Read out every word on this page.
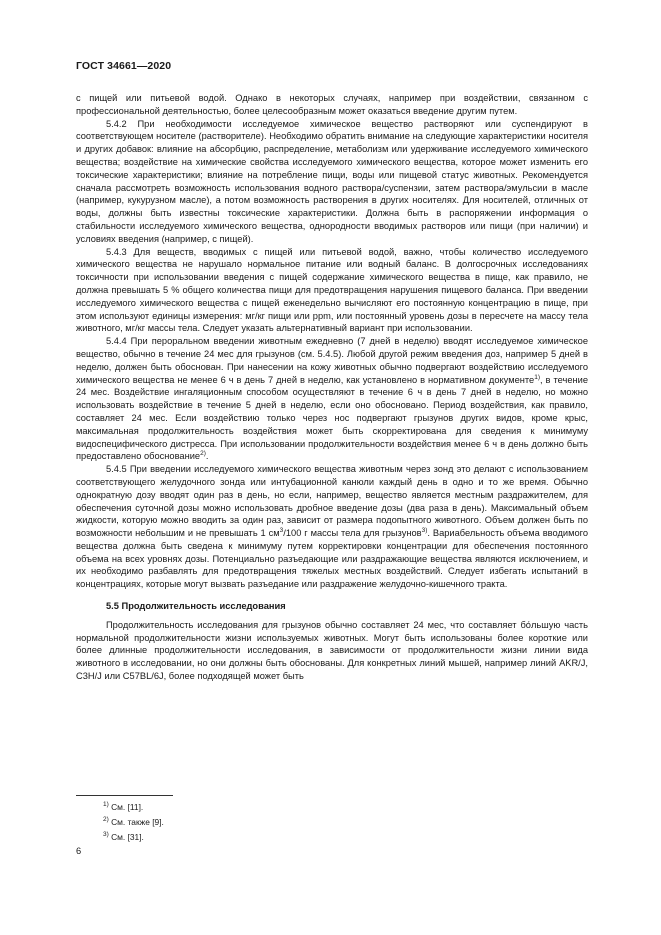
ГОСТ 34661—2020

с пищей или питьевой водой. Однако в некоторых случаях, например при воздействии, связанном с профессиональной деятельностью, более целесообразным может оказаться введение другим путем.

5.4.2 При необходимости исследуемое химическое вещество растворяют или суспендируют в соответствующем носителе (растворителе). Необходимо обратить внимание на следующие характеристики носителя и других добавок: влияние на абсорбцию, распределение, метаболизм или удерживание исследуемого химического вещества; воздействие на химические свойства исследуемого химического вещества, которое может изменить его токсические характеристики; влияние на потребление пищи, воды или пищевой статус животных. Рекомендуется сначала рассмотреть возможность использования водного раствора/суспензии, затем раствора/эмульсии в масле (например, кукурузном масле), а потом возможность растворения в других носителях. Для носителей, отличных от воды, должны быть известны токсические характеристики. Должна быть в распоряжении информация о стабильности исследуемого химического вещества, однородности вводимых растворов или пищи (при наличии) и условиях введения (например, с пищей).

5.4.3 Для веществ, вводимых с пищей или питьевой водой, важно, чтобы количество исследуемого химического вещества не нарушало нормальное питание или водный баланс. В долгосрочных исследованиях токсичности при использовании введения с пищей содержание химического вещества в пище, как правило, не должна превышать 5 % общего количества пищи для предотвращения нарушения пищевого баланса. При введении исследуемого химического вещества с пищей еженедельно вычисляют его постоянную концентрацию в пище, при этом используют единицы измерения: мг/кг пищи или ppm, или постоянный уровень дозы в пересчете на массу тела животного, мг/кг массы тела. Следует указать альтернативный вариант при использовании.

5.4.4 При пероральном введении животным ежедневно (7 дней в неделю) вводят исследуемое химическое вещество, обычно в течение 24 мес для грызунов (см. 5.4.5). Любой другой режим введения доз, например 5 дней в неделю, должен быть обоснован. При нанесении на кожу животных обычно подвергают воздействию исследуемого химического вещества не менее 6 ч в день 7 дней в неделю, как установлено в нормативном документе$^{1)}$, в течение 24 мес. Воздействие ингаляционным способом осуществляют в течение 6 ч в день 7 дней в неделю, но можно использовать воздействие в течение 5 дней в неделю, если оно обосновано. Период воздействия, как правило, составляет 24 мес. Если воздействию только через нос подвергают грызунов других видов, кроме крыс, максимальная продолжительность воздействия может быть скорректирована для сведения к минимуму видоспецифического дистресса. При использовании продолжительности воздействия менее 6 ч в день должно быть предоставлено обоснование$^{2)}$.

5.4.5 При введении исследуемого химического вещества животным через зонд это делают с использованием соответствующего желудочного зонда или интубационной канюли каждый день в одно и то же время. Обычно однократную дозу вводят один раз в день, но если, например, вещество является местным раздражителем, для обеспечения суточной дозы можно использовать дробное введение дозы (два раза в день). Максимальный объем жидкости, которую можно вводить за один раз, зависит от размера подопытного животного. Объем должен быть по возможности небольшим и не превышать 1 $см^3/100$ г массы тела для грызунов$^{3)}$. Вариабельность объема вводимого вещества должна быть сведена к минимуму путем корректировки концентрации для обеспечения постоянного объема на всех уровнях дозы. Потенциально разъедающие или раздражающие вещества являются исключением, и их необходимо разбавлять для предотвращения тяжелых местных воздействий. Следует избегать испытаний в концентрациях, которые могут вызвать разъедание или раздражение желудочно-кишечного тракта.

5.5 Продолжительность исследования

Продолжительность исследования для грызунов обычно составляет 24 мес, что составляет бо́льшую часть нормальной продолжительности жизни используемых животных. Могут быть использованы более короткие или более длинные продолжительности исследования, в зависимости от продолжительности жизни линии вида животного в исследовании, но они должны быть обоснованы. Для конкретных линий мышей, например линий AKR/J, C3H/J или C57BL/6J, более подходящей может быть

$^{1)}$ См. [11].
$^{2)}$ См. также [9].
$^{3)}$ См. [31].
6
